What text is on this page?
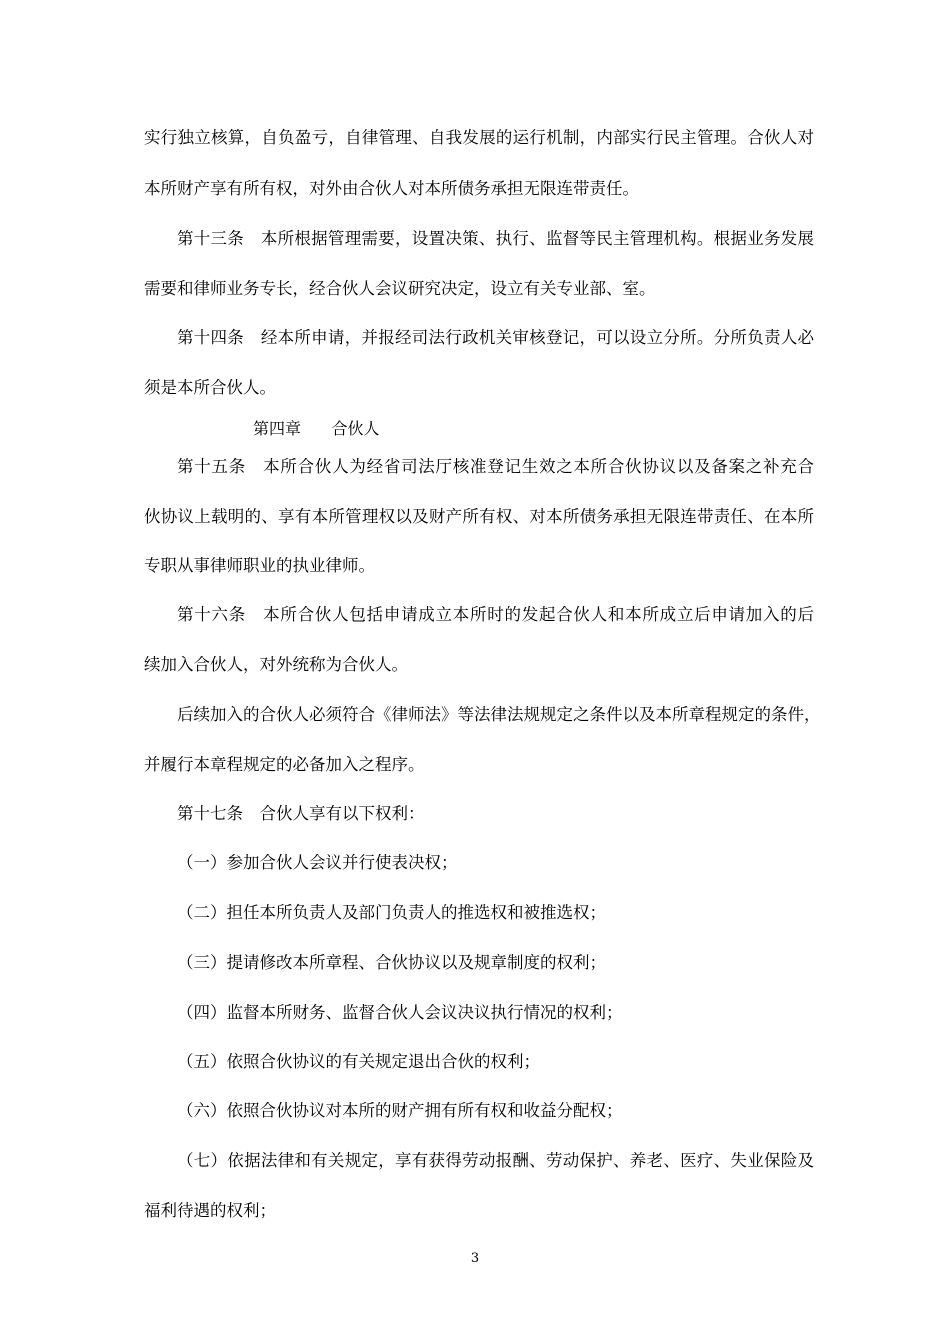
实行独立核算，自负盈亏，自律管理、自我发展的运行机制，内部实行民主管理。合伙人对
本所财产享有所有权，对外由合伙人对本所债务承担无限连带责任。
第十三条　本所根据管理需要，设置决策、执行、监督等民主管理机构。根据业务发展
需要和律师业务专长，经合伙人会议研究决定，设立有关专业部、室。
第十四条　经本所申请，并报经司法行政机关审核登记，可以设立分所。分所负责人必
须是本所合伙人。
第四章      合伙人
第十五条　本所合伙人为经省司法厅核准登记生效之本所合伙协议以及备案之补充合
伙协议上载明的、享有本所管理权以及财产所有权、对本所债务承担无限连带责任、在本所
专职从事律师职业的执业律师。
第十六条　本所合伙人包括申请成立本所时的发起合伙人和本所成立后申请加入的后
续加入合伙人，对外统称为合伙人。
后续加入的合伙人必须符合《律师法》等法律法规规定之条件以及本所章程规定的条件，
并履行本章程规定的必备加入之程序。
第十七条　合伙人享有以下权利：
（一）参加合伙人会议并行使表决权；
（二）担任本所负责人及部门负责人的推选权和被推选权；
（三）提请修改本所章程、合伙协议以及规章制度的权利；
（四）监督本所财务、监督合伙人会议决议执行情况的权利；
（五）依照合伙协议的有关规定退出合伙的权利；
（六）依照合伙协议对本所的财产拥有所有权和收益分配权；
（七）依据法律和有关规定，享有获得劳动报酬、劳动保护、养老、医疗、失业保险及
福利待遇的权利；
3
